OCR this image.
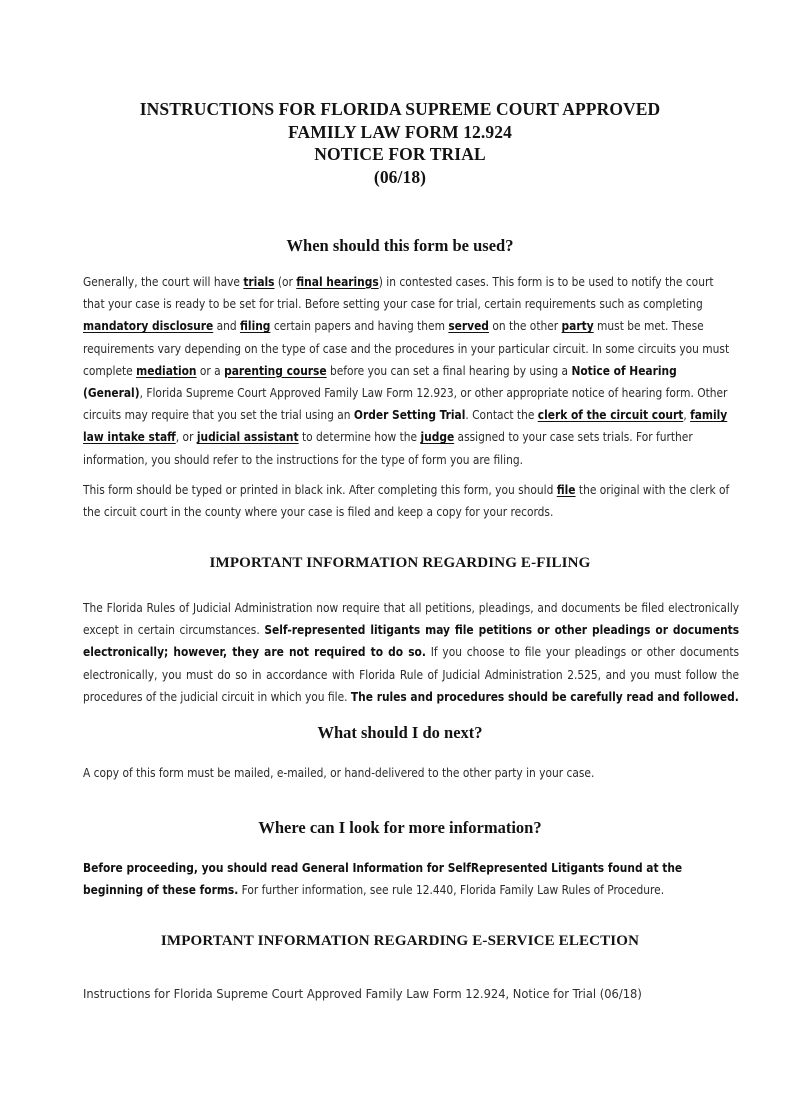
INSTRUCTIONS FOR FLORIDA SUPREME COURT APPROVED
FAMILY LAW FORM 12.924
NOTICE FOR TRIAL
(06/18)
When should this form be used?
Generally, the court will have trials (or final hearings) in contested cases. This form is to be used to notify the court that your case is ready to be set for trial. Before setting your case for trial, certain requirements such as completing mandatory disclosure and filing certain papers and having them served on the other party must be met. These requirements vary depending on the type of case and the procedures in your particular circuit. In some circuits you must complete mediation or a parenting course before you can set a final hearing by using a Notice of Hearing (General), Florida Supreme Court Approved Family Law Form 12.923, or other appropriate notice of hearing form. Other circuits may require that you set the trial using an Order Setting Trial. Contact the clerk of the circuit court, family law intake staff, or judicial assistant to determine how the judge assigned to your case sets trials. For further information, you should refer to the instructions for the type of form you are filing.
This form should be typed or printed in black ink. After completing this form, you should file the original with the clerk of the circuit court in the county where your case is filed and keep a copy for your records.
IMPORTANT INFORMATION REGARDING E-FILING
The Florida Rules of Judicial Administration now require that all petitions, pleadings, and documents be filed electronically except in certain circumstances. Self-represented litigants may file petitions or other pleadings or documents electronically; however, they are not required to do so. If you choose to file your pleadings or other documents electronically, you must do so in accordance with Florida Rule of Judicial Administration 2.525, and you must follow the procedures of the judicial circuit in which you file. The rules and procedures should be carefully read and followed.
What should I do next?
A copy of this form must be mailed, e-mailed, or hand-delivered to the other party in your case.
Where can I look for more information?
Before proceeding, you should read General Information for SelfRepresented Litigants found at the beginning of these forms. For further information, see rule 12.440, Florida Family Law Rules of Procedure.
IMPORTANT INFORMATION REGARDING E-SERVICE ELECTION
Instructions for Florida Supreme Court Approved Family Law Form 12.924, Notice for Trial (06/18)
